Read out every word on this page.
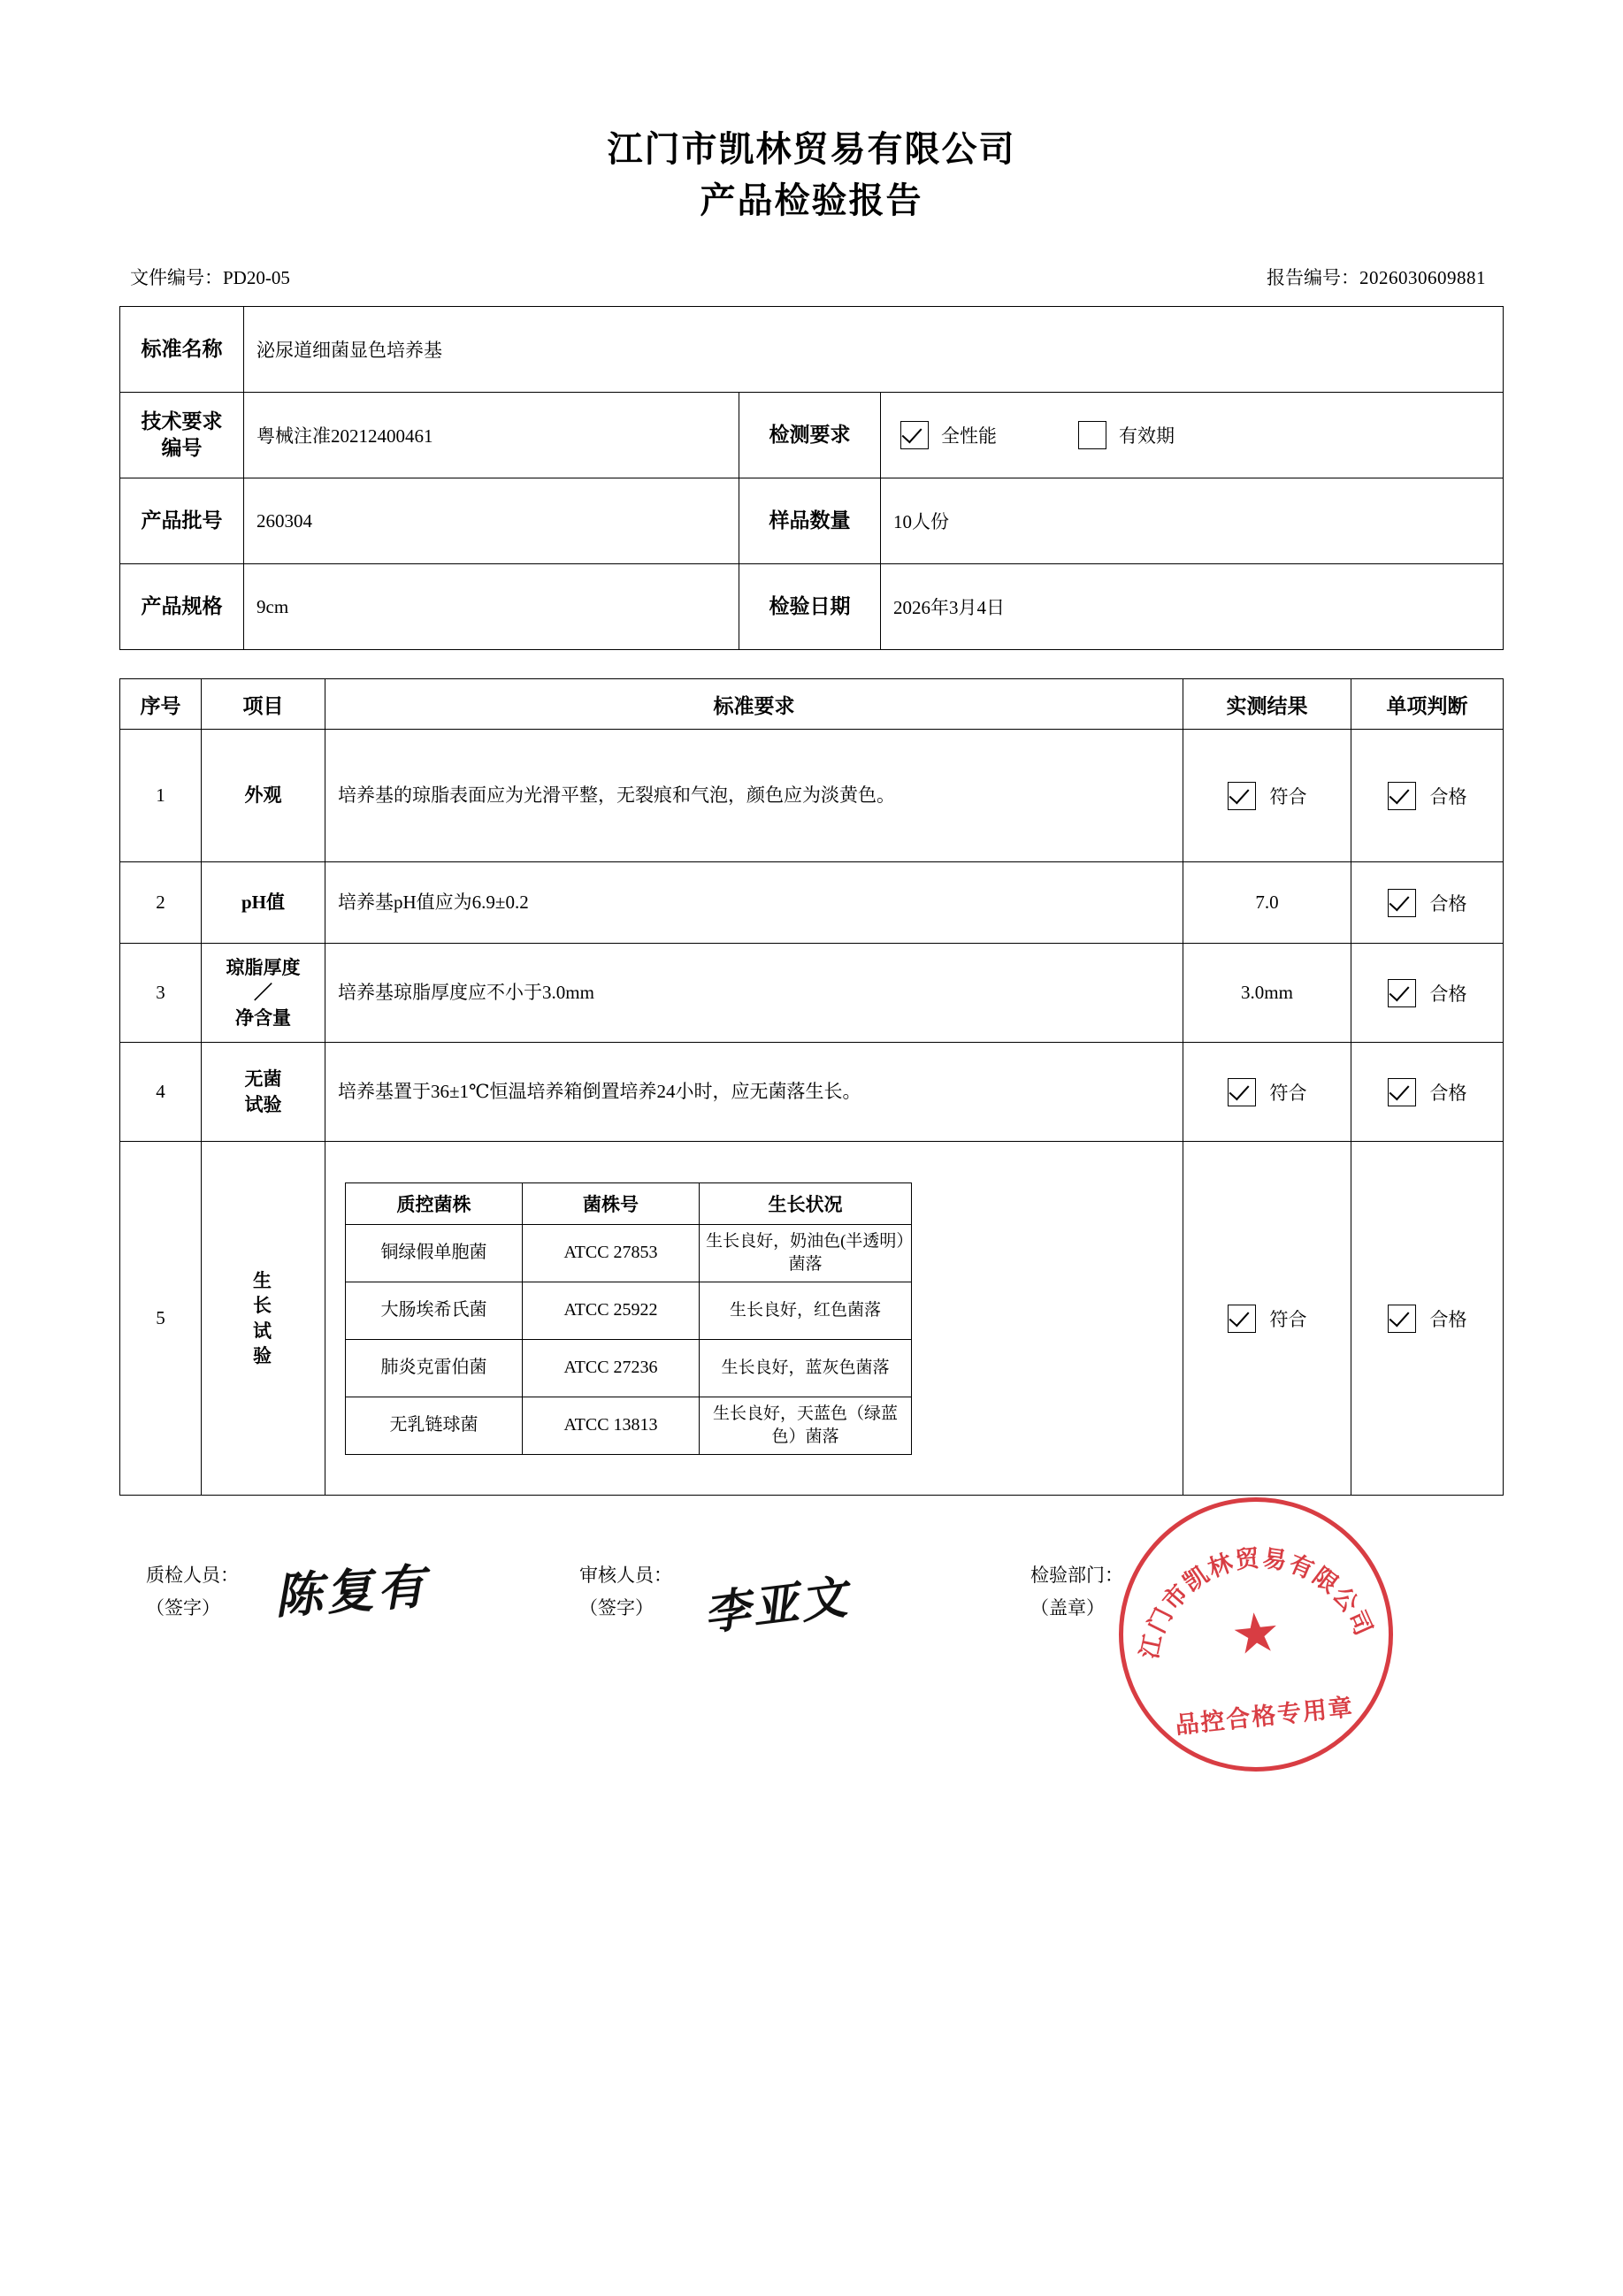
江门市凯林贸易有限公司
产品检验报告
文件编号：PD20-05	报告编号：2026030609881
标准名称	泌尿道细菌显色培养基		

技术要求
编号
	粤械注准20212400461	检测要求	全性能	有效期

产品批号	260304	样品数量	10人份
产品规格	9cm	检验日期	2026年3月4日
序号	项目	标准要求	实测结果	单项判断
1	外观	培养基的琼脂表面应为光滑平整，无裂痕和气泡，颜色应为淡黄色。	符合	合格

2	pH值	培养基pH值应为6.9±0.2	7.0	合格

3	
琼脂厚度
／
净含量
	培养基琼脂厚度应不小于3.0mm	3.0mm	合格

4	
无菌
试验
	培养基置于36±1℃恒温培养箱倒置培养24小时，应无菌落生长。	符合	合格

5	
生
长
试
验

质控菌株	菌株号	生长状况
铜绿假单胞菌	ATCC 27853	生长良好，奶油色(半透明）菌落
大肠埃希氏菌	ATCC 25922	生长良好，红色菌落
肺炎克雷伯菌	ATCC 27236	生长良好，蓝灰色菌落
无乳链球菌	ATCC 13813	生长良好，天蓝色（绿蓝色）菌落

符合	合格
质检人员：
（签字）	陈复有	审核人员：
（签字）	李亚文	检验部门：
（盖章）
江门市凯林贸易有限公司
★
品控合格专用章
